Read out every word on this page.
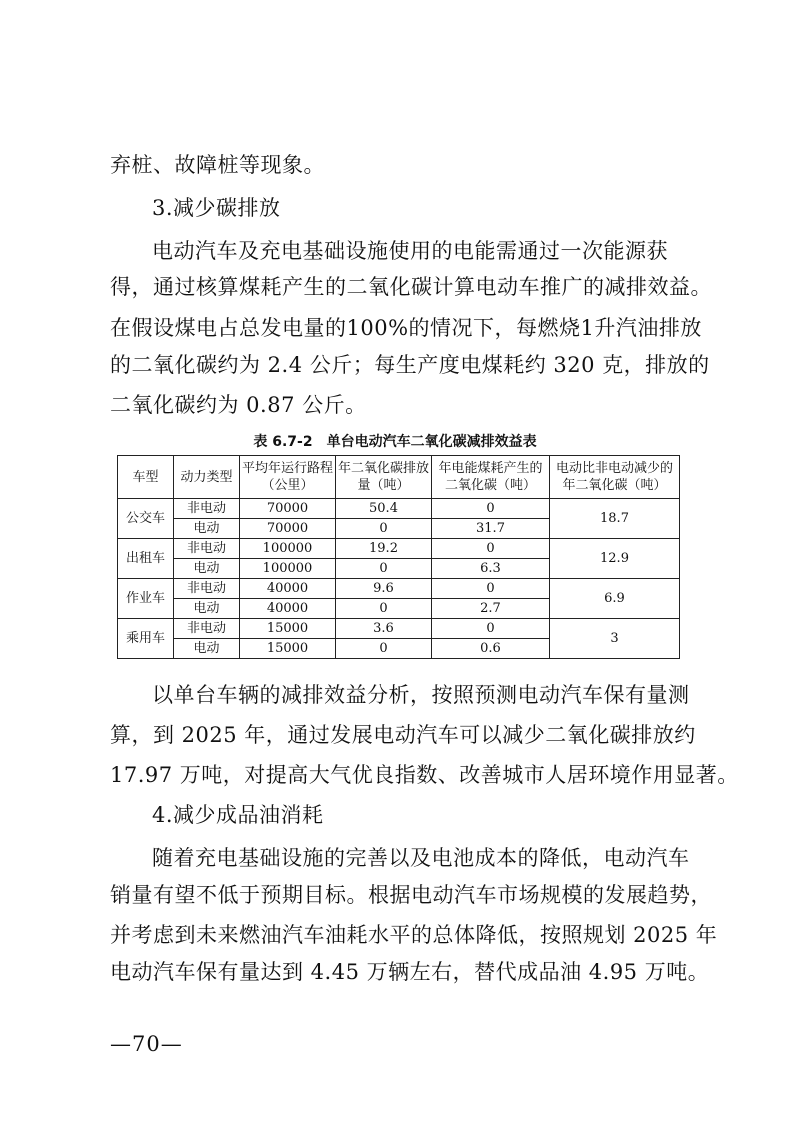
弃桩、故障桩等现象。
3.减少碳排放
电动汽车及充电基础设施使用的电能需通过一次能源获
得，通过核算煤耗产生的二氧化碳计算电动车推广的减排效益。
在假设煤电占总发电量的100%的情况下，每燃烧1升汽油排放
的二氧化碳约为 2.4 公斤；每生产度电煤耗约 320 克，排放的
二氧化碳约为 0.87 公斤。
表 6.7-2　单台电动汽车二氧化碳减排效益表
车型	动力类型	平均年运行路程（公里）	年二氧化碳排放量（吨）	年电能煤耗产生的二氧化碳（吨）	电动比非电动减少的年二氧化碳（吨）
公交车	非电动	70000	50.4	0	18.7
	电动	70000	0	31.7	
出租车	非电动	100000	19.2	0	12.9
	电动	100000	0	6.3	
作业车	非电动	40000	9.6	0	6.9
	电动	40000	0	2.7	
乘用车	非电动	15000	3.6	0	3
	电动	15000	0	0.6	
以单台车辆的减排效益分析，按照预测电动汽车保有量测
算，到 2025 年，通过发展电动汽车可以减少二氧化碳排放约
17.97 万吨，对提高大气优良指数、改善城市人居环境作用显著。
4.减少成品油消耗
随着充电基础设施的完善以及电池成本的降低，电动汽车
销量有望不低于预期目标。根据电动汽车市场规模的发展趋势，
并考虑到未来燃油汽车油耗水平的总体降低，按照规划 2025 年
电动汽车保有量达到 4.45 万辆左右，替代成品油 4.95 万吨。
—70—
